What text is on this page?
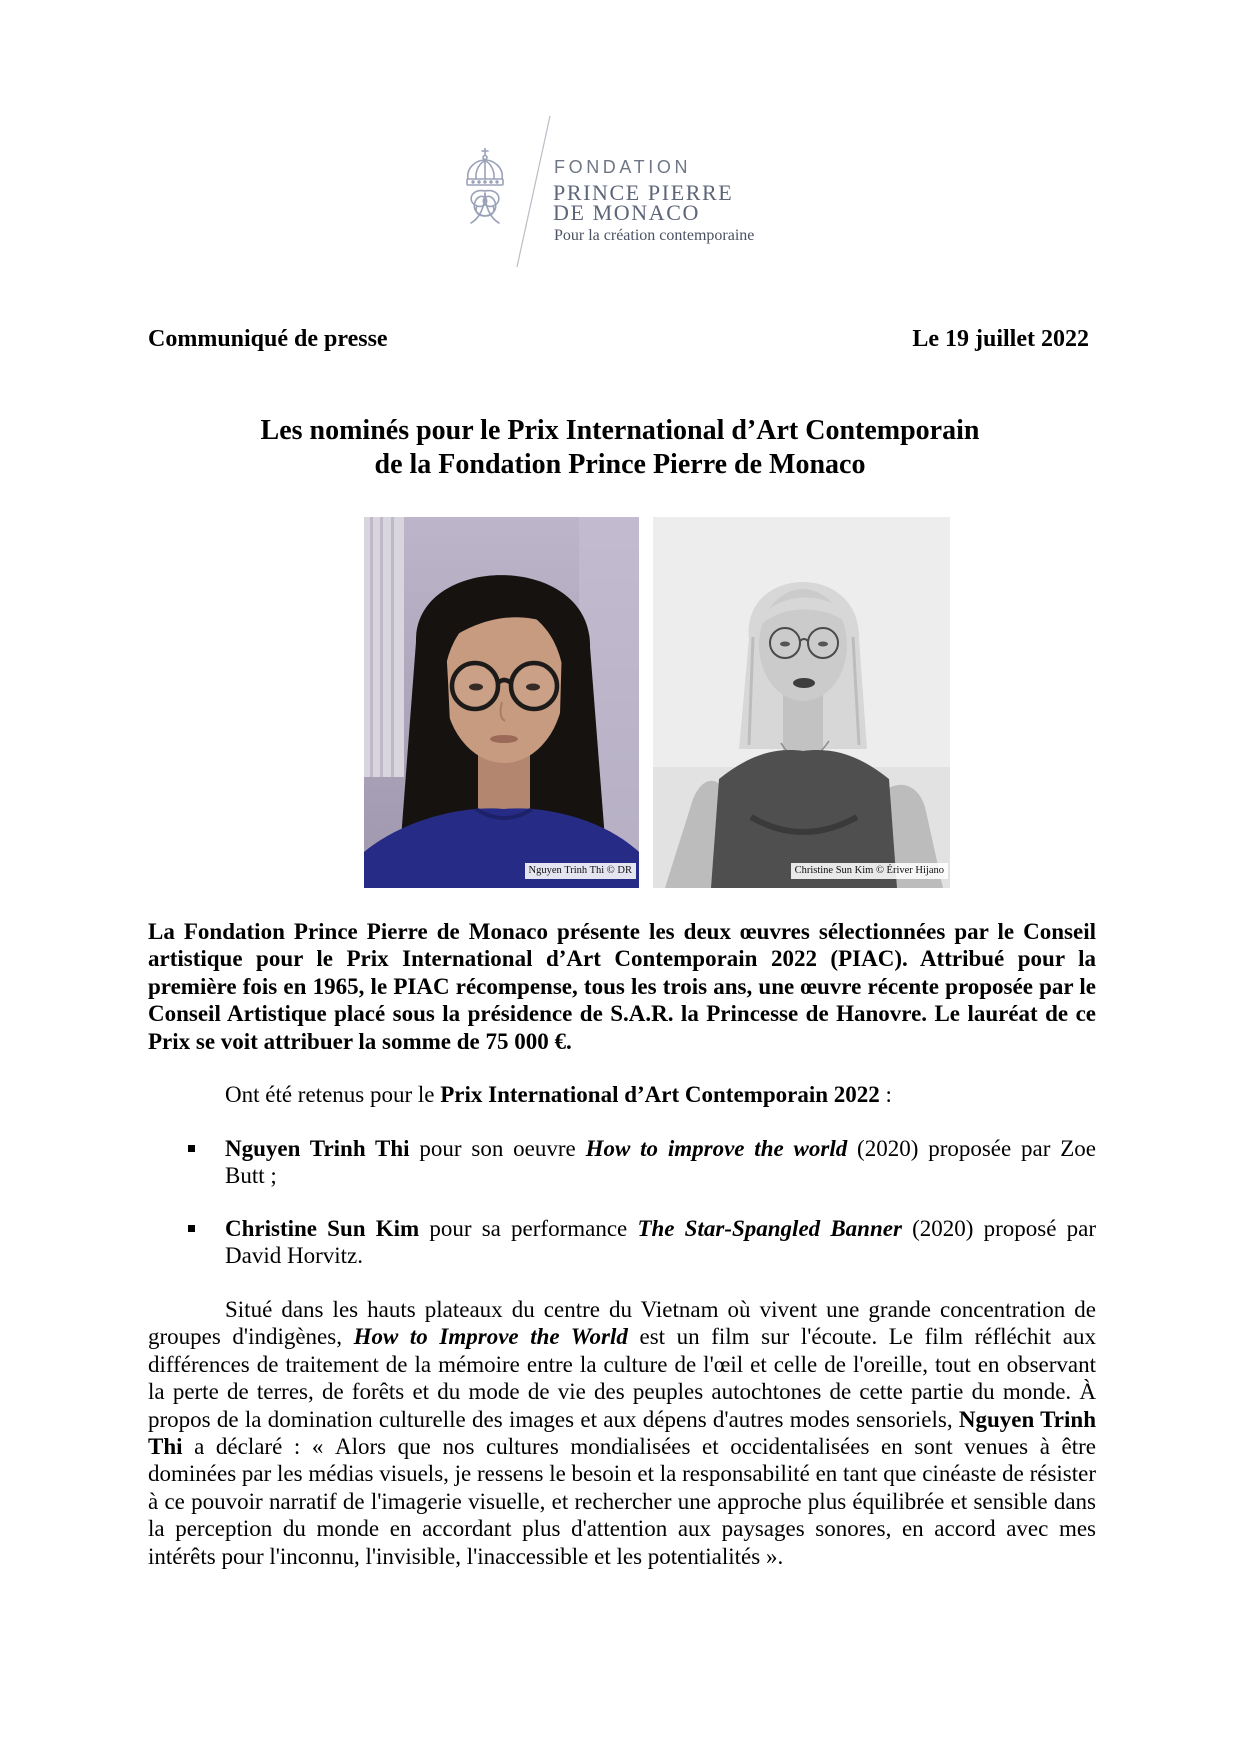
FONDATION
PRINCE PIERRE
DE MONACO
Pour la création contemporaine
Communiqué de presse	Le 19 juillet 2022
Les nominés pour le Prix International d’Art Contemporain
de la Fondation Prince Pierre de Monaco
Nguyen Trinh Thi © DR	Christine Sun Kim © Ériver Hijano
La Fondation Prince Pierre de Monaco présente les deux œuvres sélectionnées par le Conseil artistique pour le Prix International d’Art Contemporain 2022 (PIAC). Attribué pour la première fois en 1965, le PIAC récompense, tous les trois ans, une œuvre récente proposée par le Conseil Artistique placé sous la présidence de S.A.R. la Princesse de Hanovre. Le lauréat de ce Prix se voit attribuer la somme de 75 000 €.
Ont été retenus pour le Prix International d’Art Contemporain 2022 :
Nguyen Trinh Thi pour son oeuvre How to improve the world (2020) proposée par Zoe Butt ;
Christine Sun Kim pour sa performance The Star-Spangled Banner (2020) proposé par David Horvitz.
Situé dans les hauts plateaux du centre du Vietnam où vivent une grande concentration de groupes d'indigènes, How to Improve the World est un film sur l'écoute. Le film réfléchit aux différences de traitement de la mémoire entre la culture de l'œil et celle de l'oreille, tout en observant la perte de terres, de forêts et du mode de vie des peuples autochtones de cette partie du monde. À propos de la domination culturelle des images et aux dépens d'autres modes sensoriels, Nguyen Trinh Thi a déclaré : « Alors que nos cultures mondialisées et occidentalisées en sont venues à être dominées par les médias visuels, je ressens le besoin et la responsabilité en tant que cinéaste de résister à ce pouvoir narratif de l'imagerie visuelle, et rechercher une approche plus équilibrée et sensible dans la perception du monde en accordant plus d'attention aux paysages sonores, en accord avec mes intérêts pour l'inconnu, l'invisible, l'inaccessible et les potentialités ».
